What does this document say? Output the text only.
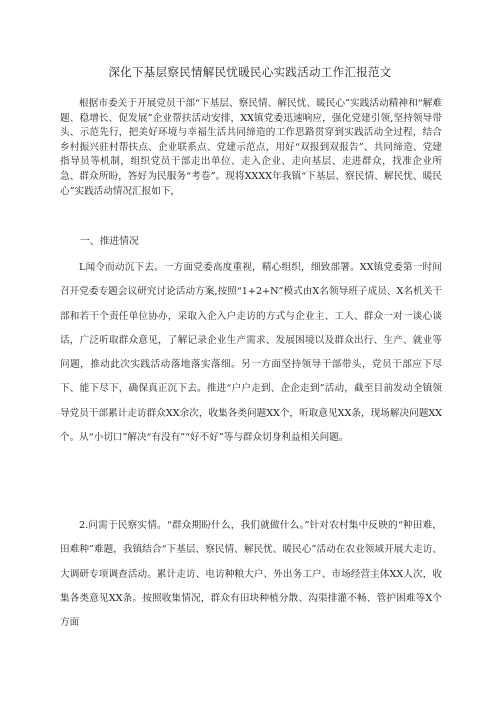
深化下基层察民情解民忧暖民心实践活动工作汇报范文

根据市委关于开展党员干部“下基层、察民情、解民忧、暖民心”实践活动精神和“解难题、稳增长、促发展”企业帮扶活动安排，XX镇党委迅速响应，强化党建引领,坚持领导带头、示范先行，把美好环境与幸福生活共同缔造的工作思路贯穿到实践活动全过程，结合乡村振兴驻村帮扶点、企业联系点、党建示范点，用好“双报到双报告”、共同缔造、党建指导员等机制，组织党员干部走出单位、走入企业、走向基层、走进群众，找准企业所急、群众所盼，答好为民服务“考卷”。现将XXXX年我镇“下基层、察民情、解民忧、暖民心”实践活动情况汇报如下，

一、推进情况

L闻令而动沉下去。一方面党委高度重视，精心组织，细致部署。XX镇党委第一时间召开党委专题会议研究讨论活动方案,按照“1+2+N”模式由X名领导班子成员、X名机关干部和若干个责任单位协办，采取入企入户走访的方式与企业主、工人、群众一对一谈心谈话，广泛听取群众意见，了解记录企业生产需求、发展困境以及群众出行、生产、就业等问题，推动此次实践活动落地落实落细。另一方面坚持领导干部带头，党员干部应下尽下、能下尽下，确保真正沉下去。推进“户户走到、企企走到”活动，截至目前发动全镇领导党员干部累计走访群众XX余次，收集各类问题XX个，听取意见XX条，现场解决问题XX个。从“小切口”解决“有没有”“好不好”等与群众切身利益相关问题。

2.问需于民察实情。“群众期盼什么，我们就做什么。”针对农村集中反映的“种田难，田难种”难题，我镇结合“下基层、察民情、解民忧、暖民心”活动在农业领域开展大走访、大调研专项调查活动。累计走访、电访种粮大户、外出务工户、市场经营主体XX人次，收集各类意见XX条。按照收集情况，群众有田块种植分散、沟渠排灌不畅、管护困难等X个方面
